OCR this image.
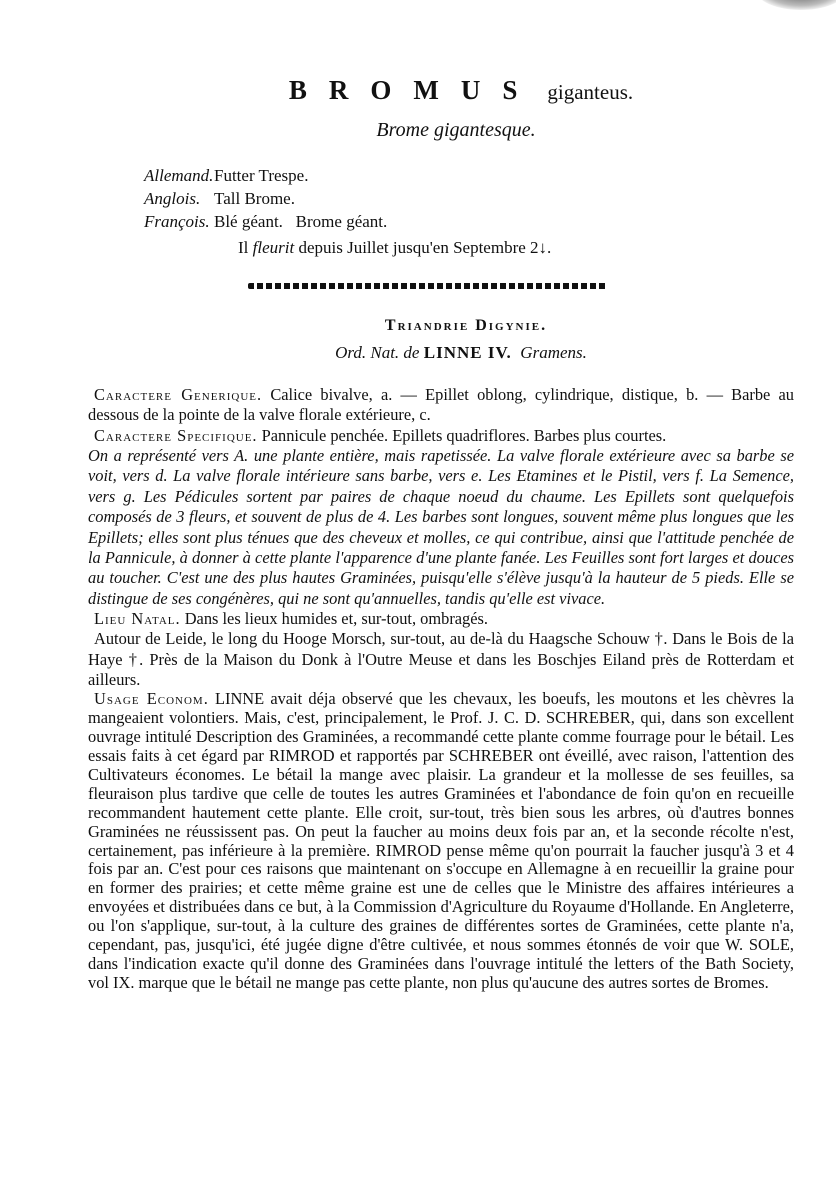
BROMUS giganteus.
Brome gigantesque.
Allemand.Futter Trespe.
Anglois. Tall Brome.
François. Blé géant.   Brome géant.
Il fleurit depuis Juillet jusqu'en Septembre 2↓.
Triandrie Digynie.
Ord. Nat. de LINNE IV.  Gramens.

Caractere Generique. Calice bivalve, a. — Epillet oblong, cylindrique, distique, b. — Barbe au dessous de la pointe de la valve florale extérieure, c.

Caractere Specifique. Pannicule penchée. Epillets quadriflores. Barbes plus courtes.

On a représenté vers A. une plante entière, mais rapetissée. La valve florale extérieure avec sa barbe se voit, vers d. La valve florale intérieure sans barbe, vers e. Les Etamines et le Pistil, vers f. La Semence, vers g. Les Pédicules sortent par paires de chaque noeud du chaume. Les Epillets sont quelquefois composés de 3 fleurs, et souvent de plus de 4. Les barbes sont longues, souvent même plus longues que les Epillets; elles sont plus ténues que des cheveux et molles, ce qui contribue, ainsi que l'attitude penchée de la Pannicule, à donner à cette plante l'apparence d'une plante fanée. Les Feuilles sont fort larges et douces au toucher. C'est une des plus hautes Graminées, puisqu'elle s'élève jusqu'à la hauteur de 5 pieds. Elle se distingue de ses congénères, qui ne sont qu'annuelles, tandis qu'elle est vivace.

Lieu Natal. Dans les lieux humides et, sur-tout, ombragés.

Autour de Leide, le long du Hooge Morsch, sur-tout, au de-là du Haagsche Schouw †. Dans le Bois de la Haye †. Près de la Maison du Donk à l'Outre Meuse et dans les Boschjes Eiland près de Rotterdam et ailleurs.

Usage Econom. LINNE avait déja observé que les chevaux, les boeufs, les moutons et les chèvres la mangeaient volontiers. Mais, c'est, principalement, le Prof. J. C. D. SCHREBER, qui, dans son excellent ouvrage intitulé Description des Graminées, a recommandé cette plante comme fourrage pour le bétail. Les essais faits à cet égard par RIMROD et rapportés par SCHREBER ont éveillé, avec raison, l'attention des Cultivateurs économes. Le bétail la mange avec plaisir. La grandeur et la mollesse de ses feuilles, sa fleuraison plus tardive que celle de toutes les autres Graminées et l'abondance de foin qu'on en recueille recommandent hautement cette plante. Elle croit, sur-tout, très bien sous les arbres, où d'autres bonnes Graminées ne réussissent pas. On peut la faucher au moins deux fois par an, et la seconde récolte n'est, certainement, pas inférieure à la première. RIMROD pense même qu'on pourrait la faucher jusqu'à 3 et 4 fois par an. C'est pour ces raisons que maintenant on s'occupe en Allemagne à en recueillir la graine pour en former des prairies; et cette même graine est une de celles que le Ministre des affaires intérieures a envoyées et distribuées dans ce but, à la Commission d'Agriculture du Royaume d'Hollande. En Angleterre, ou l'on s'applique, sur-tout, à la culture des graines de différentes sortes de Graminées, cette plante n'a, cependant, pas, jusqu'ici, été jugée digne d'être cultivée, et nous sommes étonnés de voir que W. SOLE, dans l'indication exacte qu'il donne des Graminées dans l'ouvrage intitulé the letters of the Bath Society, vol IX. marque que le bétail ne mange pas cette plante, non plus qu'aucune des autres sortes de Bromes.
